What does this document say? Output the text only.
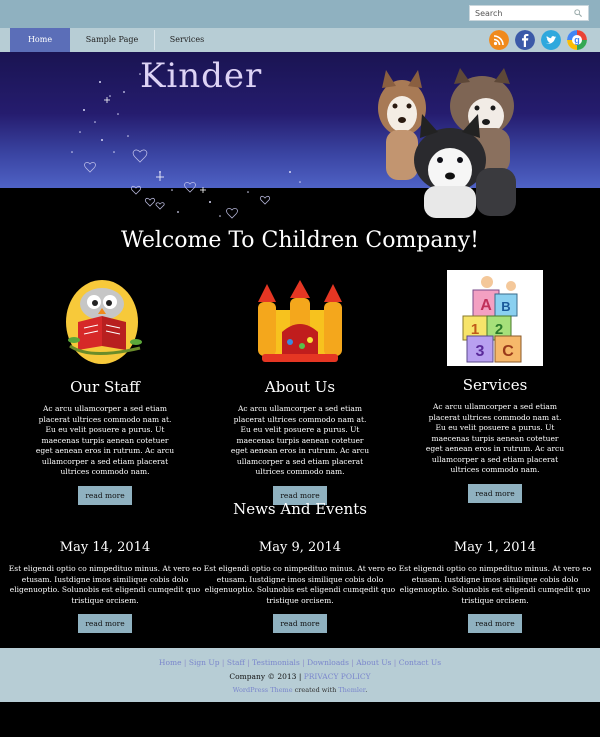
Search
Home	Sample Page	Services	g
Kinder
Welcome To Children Company!
A B
1 2
3 C
Our Staff
Ac arcu ullamcorper a sed etiam placerat ultrices commodo nam at. Eu eu velit posuere a purus. Ut maecenas turpis aenean cotetuer eget aenean eros in rutrum. Ac arcu ullamcorper a sed etiam placerat ultrices commodo nam.
read more
About Us
Ac arcu ullamcorper a sed etiam placerat ultrices commodo nam at. Eu eu velit posuere a purus. Ut maecenas turpis aenean cotetuer eget aenean eros in rutrum. Ac arcu ullamcorper a sed etiam placerat ultrices commodo nam.
read more
Services
Ac arcu ullamcorper a sed etiam placerat ultrices commodo nam at. Eu eu velit posuere a purus. Ut maecenas turpis aenean cotetuer eget aenean eros in rutrum. Ac arcu ullamcorper a sed etiam placerat ultrices commodo nam.
read more
News And Events
May 14, 2014
Est eligendi optio co nimpedituo minus. At vero eo etusam. Iustdigne imos similique cobis dolo eligenuoptio. Solunobis est eligendi cumqedit quo tristique orcisem.
read more
May 9, 2014
Est eligendi optio co nimpedituo minus. At vero eo etusam. Iustdigne imos similique cobis dolo eligenuoptio. Solunobis est eligendi cumqedit quo tristique orcisem.
read more
May 1, 2014
Est eligendi optio co nimpedituo minus. At vero eo etusam. Iustdigne imos similique cobis dolo eligenuoptio. Solunobis est eligendi cumqedit quo tristique orcisem.
read more
Home | Sign Up | Staff | Testimonials | Downloads | About Us | Contact Us
Company © 2013 | PRIVACY POLICY
WordPress Theme created with Themler.
